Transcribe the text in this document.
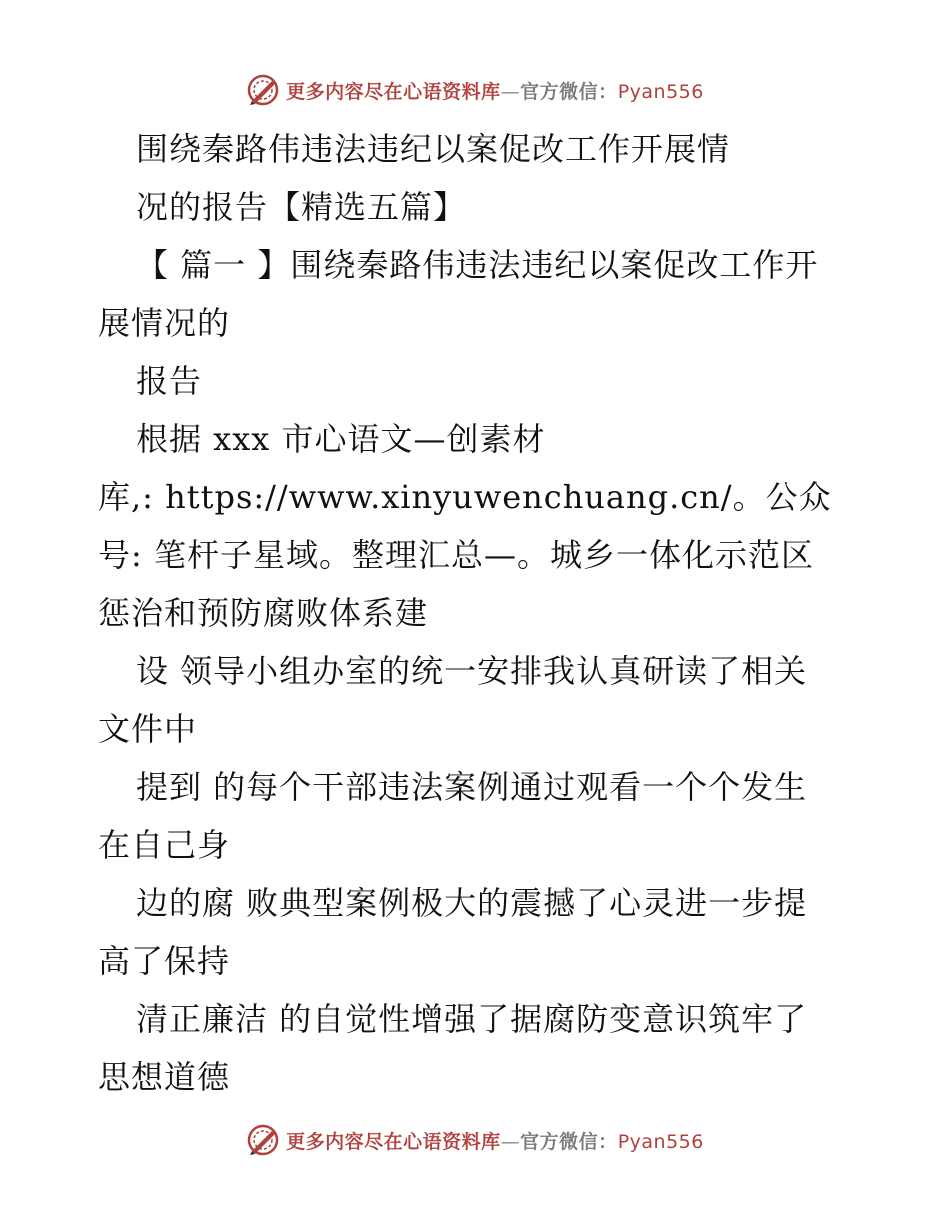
更多内容尽在心语资料库—官方微信：Pyan556
围绕秦路伟违法违纪以案促改工作开展情
况的报告【精选五篇】
【 篇一 】围绕秦路伟违法违纪以案促改工作开
展情况的
报告
根据 xxx 市心语文—创素材
库,: https://www.xinyuwenchuang.cn/。公众
号: 笔杆子星域。整理汇总—。城乡一体化示范区
惩治和预防腐败体系建
设 领导小组办室的统一安排我认真研读了相关
文件中
提到 的每个干部违法案例通过观看一个个发生
在自己身
边的腐 败典型案例极大的震撼了心灵进一步提
高了保持
清正廉洁 的自觉性增强了据腐防变意识筑牢了
思想道德
更多内容尽在心语资料库—官方微信：Pyan556
